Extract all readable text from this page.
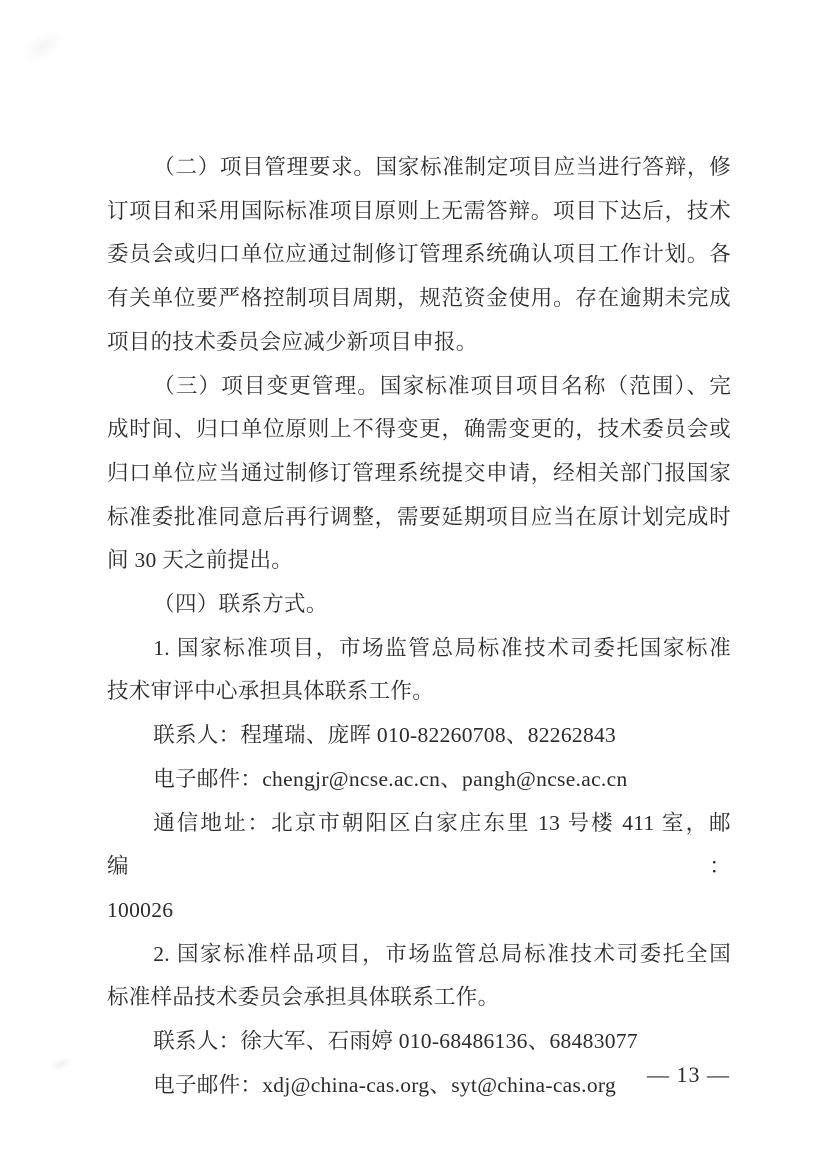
（二）项目管理要求。国家标准制定项目应当进行答辩，修
订项目和采用国际标准项目原则上无需答辩。项目下达后，技术
委员会或归口单位应通过制修订管理系统确认项目工作计划。各
有关单位要严格控制项目周期，规范资金使用。存在逾期未完成
项目的技术委员会应减少新项目申报。

（三）项目变更管理。国家标准项目项目名称（范围）、完
成时间、归口单位原则上不得变更，确需变更的，技术委员会或
归口单位应当通过制修订管理系统提交申请，经相关部门报国家
标准委批准同意后再行调整，需要延期项目应当在原计划完成时
间 30 天之前提出。

（四）联系方式。

1. 国家标准项目，市场监管总局标准技术司委托国家标准
技术审评中心承担具体联系工作。

联系人：程瑾瑞、庞晖 010-82260708、82262843

电子邮件：chengjr@ncse.ac.cn、pangh@ncse.ac.cn

通信地址：北京市朝阳区白家庄东里 13 号楼 411 室，邮编：
100026

2. 国家标准样品项目，市场监管总局标准技术司委托全国
标准样品技术委员会承担具体联系工作。

联系人：徐大军、石雨婷 010-68486136、68483077

电子邮件：xdj@china-cas.org、syt@china-cas.org	— 13 —
